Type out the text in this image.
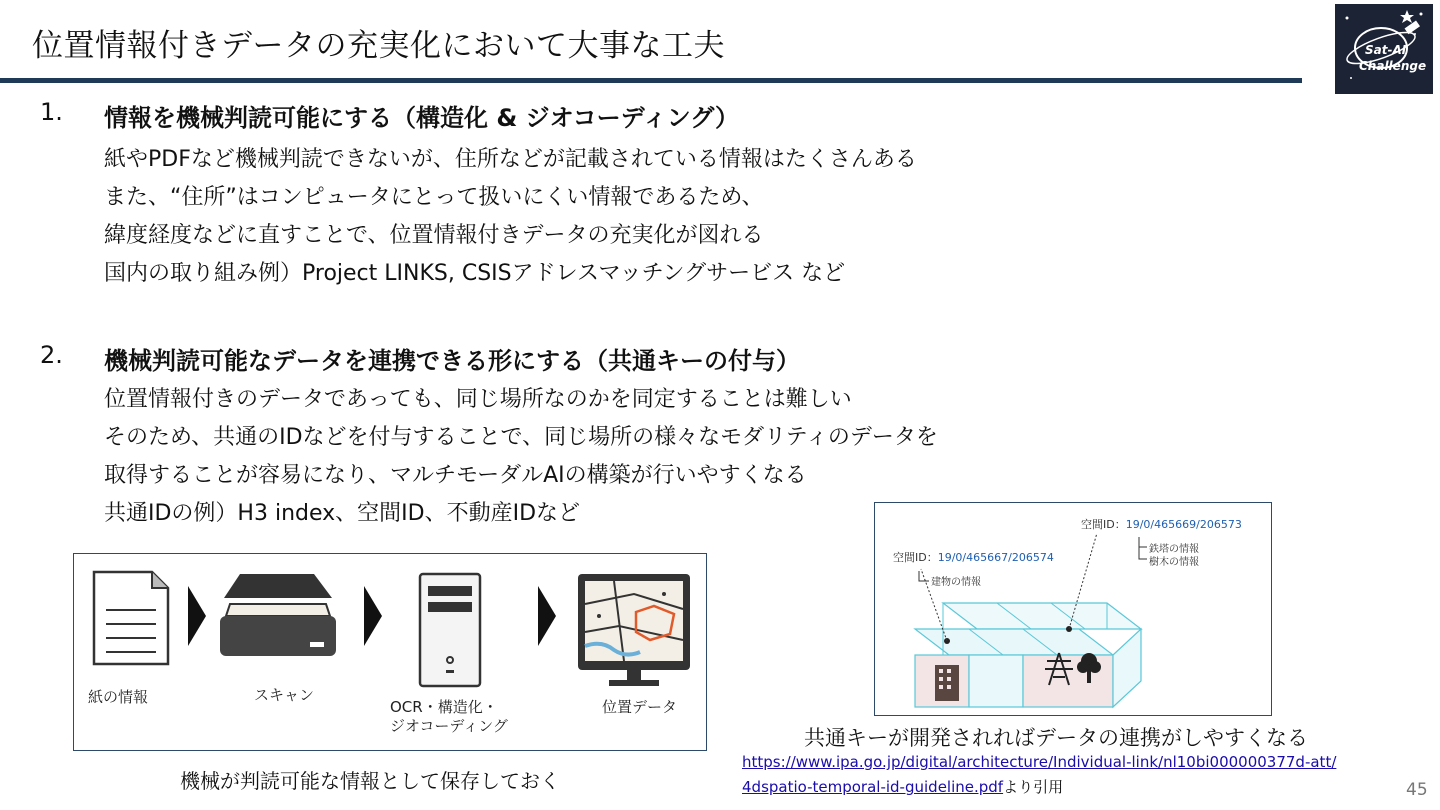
位置情報付きデータの充実化において大事な工夫	Sat-AI
Challenge
1. 情報を機械判読可能にする（構造化 & ジオコーディング）
紙やPDFなど機械判読できないが、住所などが記載されている情報はたくさんある
また、“住所”はコンピュータにとって扱いにくい情報であるため、
緯度経度などに直すことで、位置情報付きデータの充実化が図れる
国内の取り組み例）Project LINKS, CSISアドレスマッチングサービス など
2. 機械判読可能なデータを連携できる形にする（共通キーの付与）
位置情報付きのデータであっても、同じ場所なのかを同定することは難しい
そのため、共通のIDなどを付与することで、同じ場所の様々なモダリティのデータを
取得することが容易になり、マルチモーダルAIの構築が行いやすくなる
共通IDの例）H3 index、空間ID、不動産IDなど
紙の情報	スキャン
OCR・構造化・
ジオコーディング
位置データ
機械が判読可能な情報として保存しておく
空間ID：19/0/465667/206574
建物の情報
空間ID：19/0/465669/206573
鉄塔の情報
樹木の情報
共通キーが開発されればデータの連携がしやすくなる
https://www.ipa.go.jp/digital/architecture/Individual-link/nl10bi000000377d-att/
4dspatio-temporal-id-guideline.pdfより引用	45
